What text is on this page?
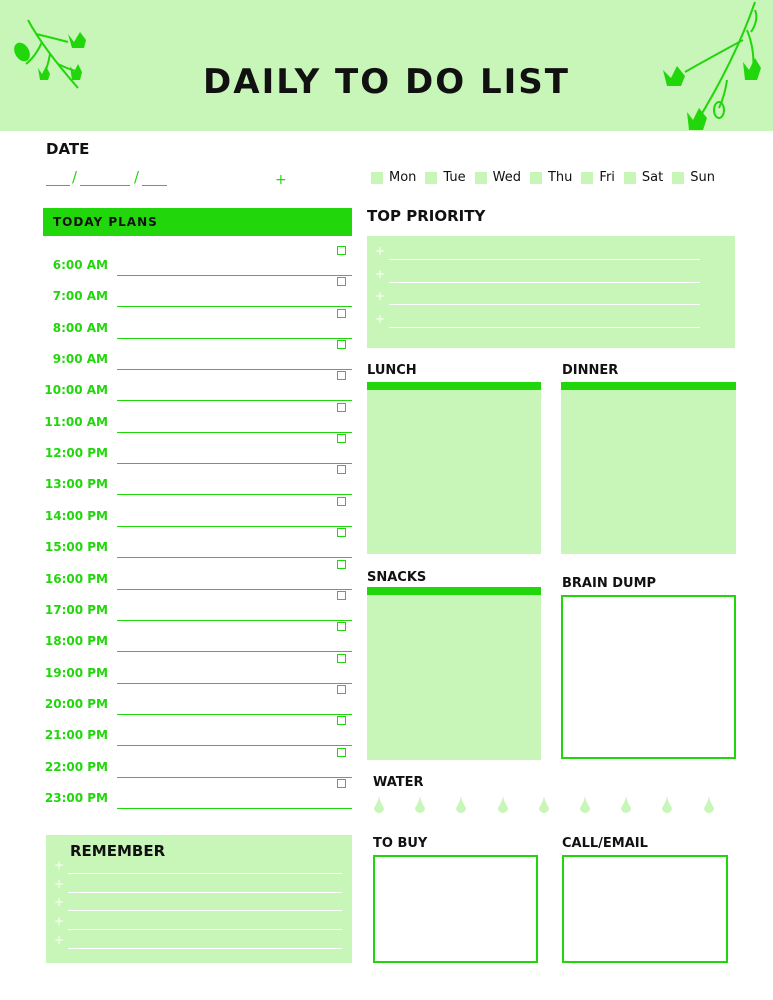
DAILY TO DO LIST
DATE
/	/	+	Mon Tue Wed Thu Fri Sat Sun
TODAY PLANS
6:00 AM
7:00 AM
8:00 AM
9:00 AM
10:00 AM
11:00 AM
12:00 PM
13:00 PM
14:00 PM
15:00 PM
16:00 PM
17:00 PM
18:00 PM
19:00 PM
20:00 PM
21:00 PM
22:00 PM
23:00 PM
TOP PRIORITY
+
+
+
+
LUNCH	DINNER
SNACKS	BRAIN DUMP
WATER
REMEMBER
+
+
+
+
+
TO BUY	CALL/EMAIL
